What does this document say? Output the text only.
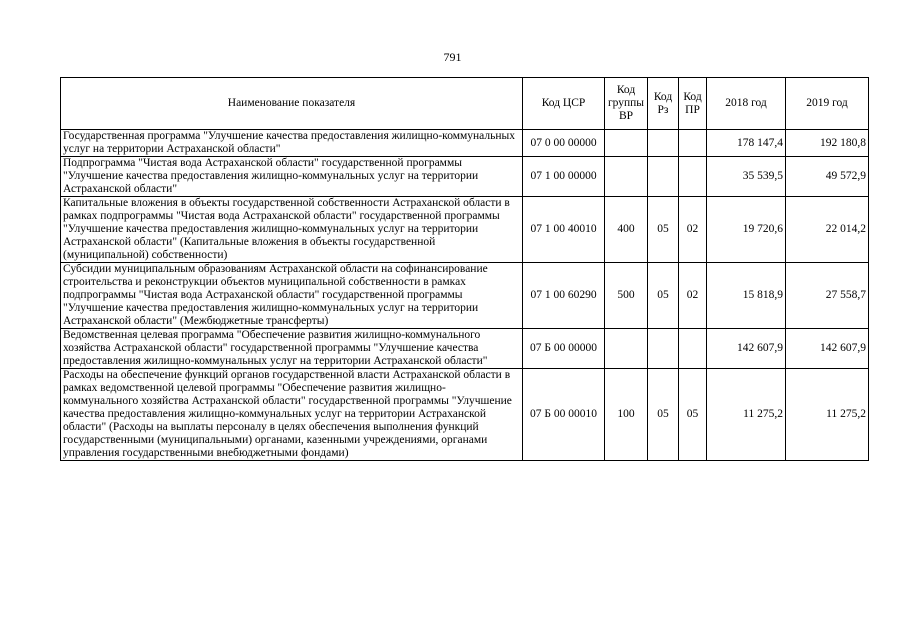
791
Наименование показателя	Код ЦСР	Код группы ВР	Код Рз	Код ПР	2018 год	2019 год
Государственная программа "Улучшение качества предоставления жилищно-коммунальных услуг на территории Астраханской области"	07 0 00 00000				178 147,4	192 180,8
Подпрограмма "Чистая вода Астраханской области" государственной программы "Улучшение качества предоставления жилищно-коммунальных услуг на территории Астраханской области"	07 1 00 00000				35 539,5	49 572,9
Капитальные вложения в объекты государственной собственности Астраханской области в рамках подпрограммы "Чистая вода Астраханской области" государственной программы "Улучшение качества предоставления жилищно-коммунальных услуг на территории Астраханской области" (Капитальные вложения в объекты государственной (муниципальной) собственности)	07 1 00 40010	400	05	02	19 720,6	22 014,2
Субсидии муниципальным образованиям Астраханской области на софинансирование строительства и реконструкции объектов муниципальной собственности в рамках подпрограммы "Чистая вода Астраханской области" государственной программы "Улучшение качества предоставления жилищно-коммунальных услуг на территории Астраханской области" (Межбюджетные трансферты)	07 1 00 60290	500	05	02	15 818,9	27 558,7
Ведомственная целевая программа "Обеспечение развития жилищно-коммунального хозяйства Астраханской области" государственной программы "Улучшение качества предоставления жилищно-коммунальных услуг на территории Астраханской области"	07 Б 00 00000				142 607,9	142 607,9
Расходы на обеспечение функций органов государственной власти Астраханской области в рамках ведомственной целевой программы "Обеспечение развития жилищно-коммунального хозяйства Астраханской области" государственной программы "Улучшение качества предоставления жилищно-коммунальных услуг на территории Астраханской области" (Расходы на выплаты персоналу в целях обеспечения выполнения функций государственными (муниципальными) органами, казенными учреждениями, органами управления государственными внебюджетными фондами)	07 Б 00 00010	100	05	05	11 275,2	11 275,2
